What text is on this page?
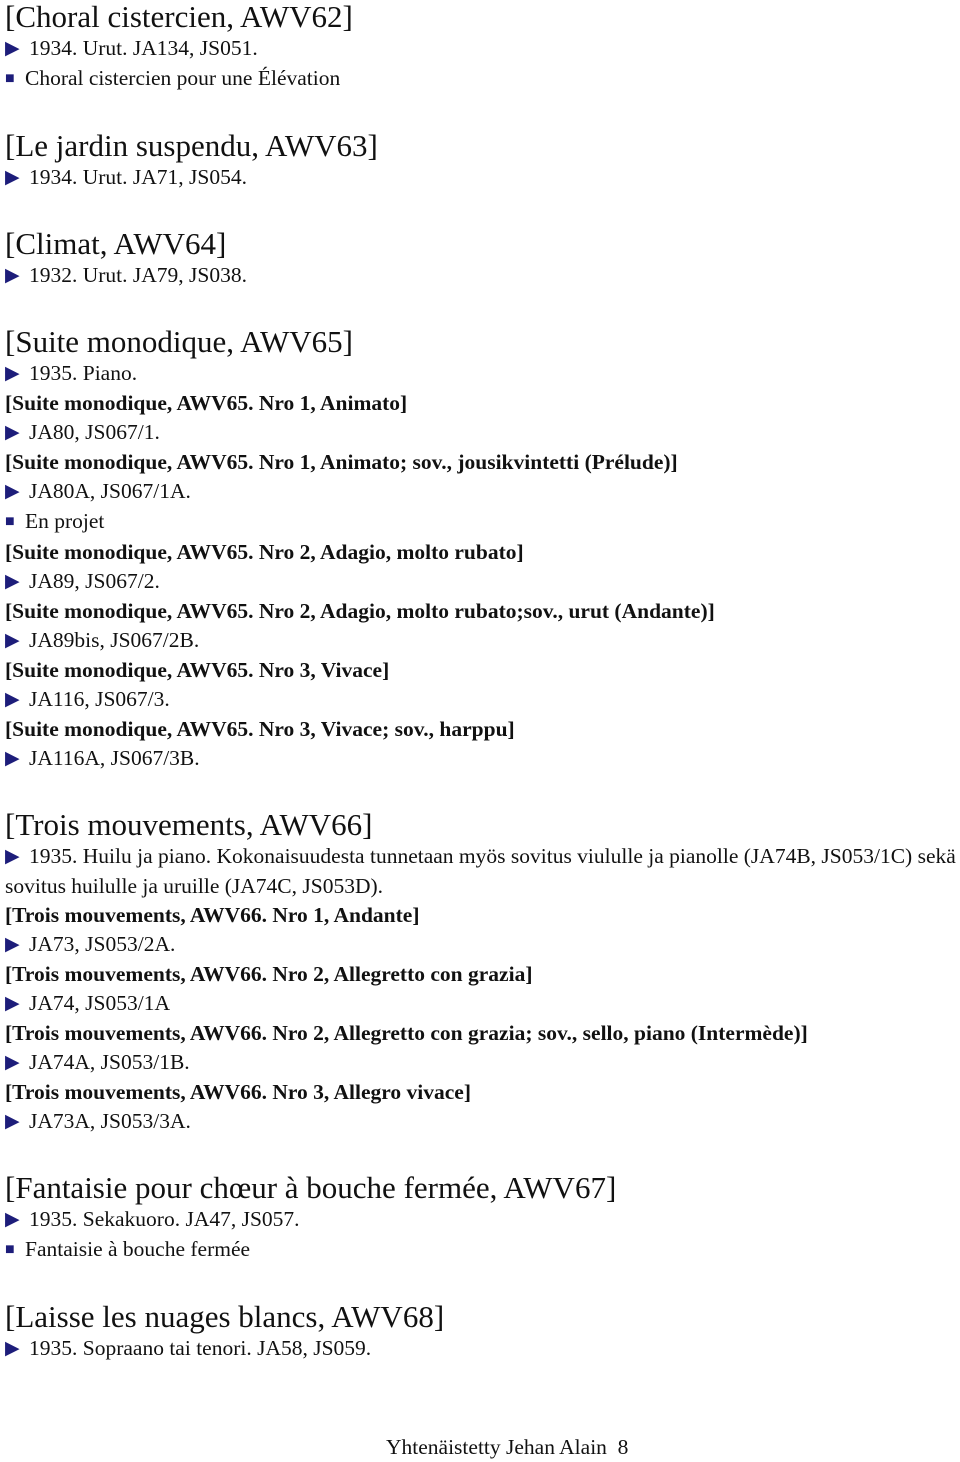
[Choral cistercien, AWV62]
▶ 1934. Urut. JA134, JS051.
■ Choral cistercien pour une Élévation
[Le jardin suspendu, AWV63]
▶ 1934. Urut. JA71, JS054.
[Climat, AWV64]
▶ 1932. Urut. JA79, JS038.
[Suite monodique, AWV65]
▶ 1935. Piano.
[Suite monodique, AWV65. Nro 1, Animato]
▶ JA80, JS067/1.
[Suite monodique, AWV65. Nro 1, Animato; sov., jousikvintetti (Prélude)]
▶ JA80A, JS067/1A.
■ En projet
[Suite monodique, AWV65. Nro 2, Adagio, molto rubato]
▶ JA89, JS067/2.
[Suite monodique, AWV65. Nro 2, Adagio, molto rubato;sov., urut (Andante)]
▶ JA89bis, JS067/2B.
[Suite monodique, AWV65. Nro 3, Vivace]
▶ JA116, JS067/3.
[Suite monodique, AWV65. Nro 3, Vivace; sov., harppu]
▶ JA116A, JS067/3B.
[Trois mouvements, AWV66]
▶ 1935. Huilu ja piano. Kokonaisuudesta tunnetaan myös sovitus viululle ja pianolle (JA74B, JS053/1C) sekä sovitus huilulle ja uruille (JA74C, JS053D).
[Trois mouvements, AWV66. Nro 1, Andante]
▶ JA73, JS053/2A.
[Trois mouvements, AWV66. Nro 2, Allegretto con grazia]
▶ JA74, JS053/1A
[Trois mouvements, AWV66. Nro 2, Allegretto con grazia; sov., sello, piano (Intermède)]
▶ JA74A, JS053/1B.
[Trois mouvements, AWV66. Nro 3, Allegro vivace]
▶ JA73A, JS053/3A.
[Fantaisie pour chœur à bouche fermée, AWV67]
▶ 1935. Sekakuoro. JA47, JS057.
■ Fantaisie à bouche fermée
[Laisse les nuages blancs, AWV68]
▶ 1935. Sopraano tai tenori. JA58, JS059.
Yhtenäistetty Jehan Alain 8
